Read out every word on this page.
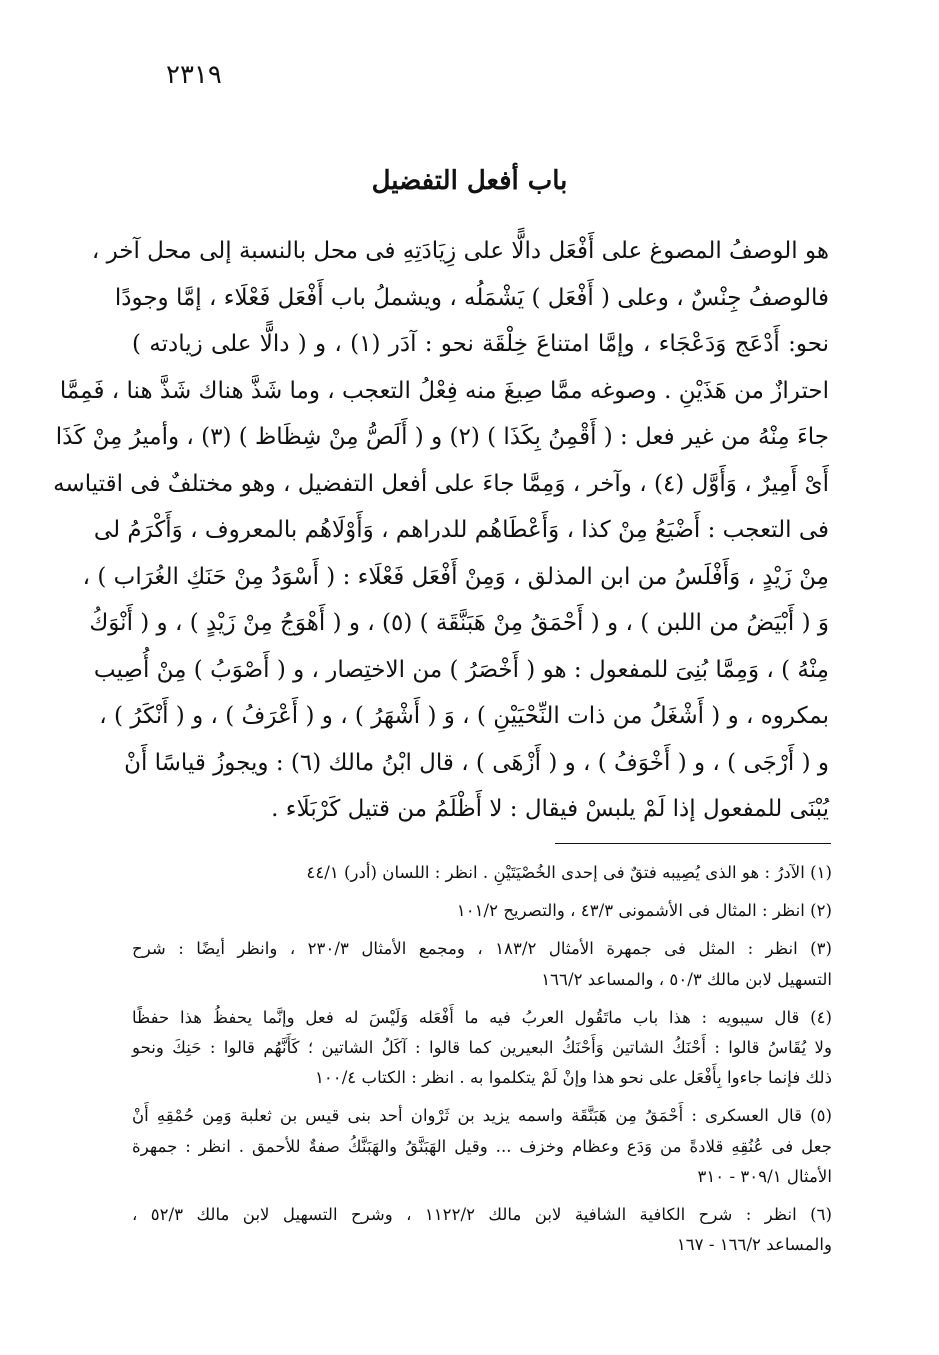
٢٣١٩
باب أفعل التفضيل
هو الوصفُ المصوغ على أَفْعَل دالًّا على زِيَادَتِهِ فى محل بالنسبة إلى محل آخر ،
فالوصفُ جِنْسٌ ، وعلى ( أَفْعَل ) يَشْمَلُه ، ويشملُ باب أَفْعَل فَعْلَاء ، إمَّا وجودًا
نحو: أَدْعَج وَدَعْجَاء ، وإمَّا امتناعَ خِلْقَة نحو : آدَر (١) ، و ( دالًّا على زيادته )
احترازٌ من هَذَيْنِ . وصوغه ممَّا صِيغَ منه فِعْلُ التعجب ، وما شَذَّ هناك شَذَّ هنا ، فَمِمَّا
جاءَ مِنْهُ من غير فعل : ( أَقْمِنُ بِكَذَا ) (٢) و ( أَلَصُّ مِنْ شِظَاظ ) (٣) ، وأميرُ مِنْ كَذَا
أَىْ أَمِيرٌ ، وَأَوَّل (٤) ، وآخر ، وَمِمَّا جاءَ على أفعل التفضيل ، وهو مختلفٌ فى اقتياسه
فى التعجب : أَضْيَعُ مِنْ كذا ، وَأَعْطَاهُم للدراهم ، وَأَوْلَاهُم بالمعروف ، وَأَكْرَمُ لى
مِنْ زَيْدٍ ، وَأَفْلَسُ من ابن المذلق ، وَمِنْ أَفْعَل فَعْلَاء : ( أَسْوَدُ مِنْ حَنَكِ الغُرَاب ) ،
وَ ( أَبْيَضُ من اللبن ) ، و ( أَحْمَقُ مِنْ هَبَنَّقَة ) (٥) ، و ( أَهْوَجُ مِنْ زَيْدٍ ) ، و ( أَنْوَكُ
مِنْهُ ) ، وَمِمَّا بُنِىَ للمفعول : هو ( أَخْصَرُ ) من الاختِصار ، و ( أَصْوَبُ ) مِنْ أُصِيب
بمكروه ، و ( أَشْغَلُ من ذات النِّحْيَيْنِ ) ، وَ ( أَشْهَرُ ) ، و ( أَعْرَفُ ) ، و ( أَنْكَرُ ) ،
و ( أَرْجَى ) ، و ( أَخْوَفُ ) ، و ( أَزْهَى ) ، قال ابْنُ مالك (٦) : ويجوزُ قياسًا أَنْ
يُبْنَى للمفعول إذا لَمْ يلبسْ فيقال : لا أَظْلَمُ من قتيل كَرْبَلَاء .
(١) الآدرُ : هو الذى يُصِيبه فتقٌ فى إحدى الخُصْيَتَيْنِ . انظر : اللسان (أدر) ٤٤/١
(٢) انظر : المثال فى الأشمونى ٤٣/٣ ، والتصريح ١٠١/٢
(٣) انظر : المثل فى جمهرة الأمثال ١٨٣/٢ ، ومجمع الأمثال ٢٣٠/٣ ، وانظر أيضًا : شرح
التسهيل لابن مالك ٥٠/٣ ، والمساعد ١٦٦/٢
(٤) قال سيبويه : هذا باب ماتَقُول العربُ فيه ما أَفْعَله وَلَيْسَ له فعل وإنَّما يحفظُ هذا حفظًا
ولا يُقَاسُ قالوا : أَحْنَكُ الشاتين وَأَحْنَكُ البعيرين كما قالوا : آكَلُ الشاتين ؛ كَأَنَّهُم قالوا : حَنِكَ ونحو
ذلك فإنما جاءوا بِأَفْعَل على نحو هذا وإنْ لَمْ يتكلموا به . انظر : الكتاب ١٠٠/٤
(٥) قال العسكرى : أَحْمَقُ مِن هَبَنَّقَة واسمه يزيد بن ثَرْوان أحد بنى قيس بن ثعلبة وَمِن حُمْقِهِ أَنْ
جعل فى عُنُقِهِ قلادةً من وَدَع وعظام وخزف ... وقيل الهَبَنَّقُ والهَبَنَّكُ صفةٌ للأحمق . انظر : جمهرة
الأمثال ٣٠٩/١ - ٣١٠
(٦) انظر : شرح الكافية الشافية لابن مالك ١١٢٢/٢ ، وشرح التسهيل لابن مالك ٥٢/٣ ،
والمساعد ١٦٦/٢ - ١٦٧
